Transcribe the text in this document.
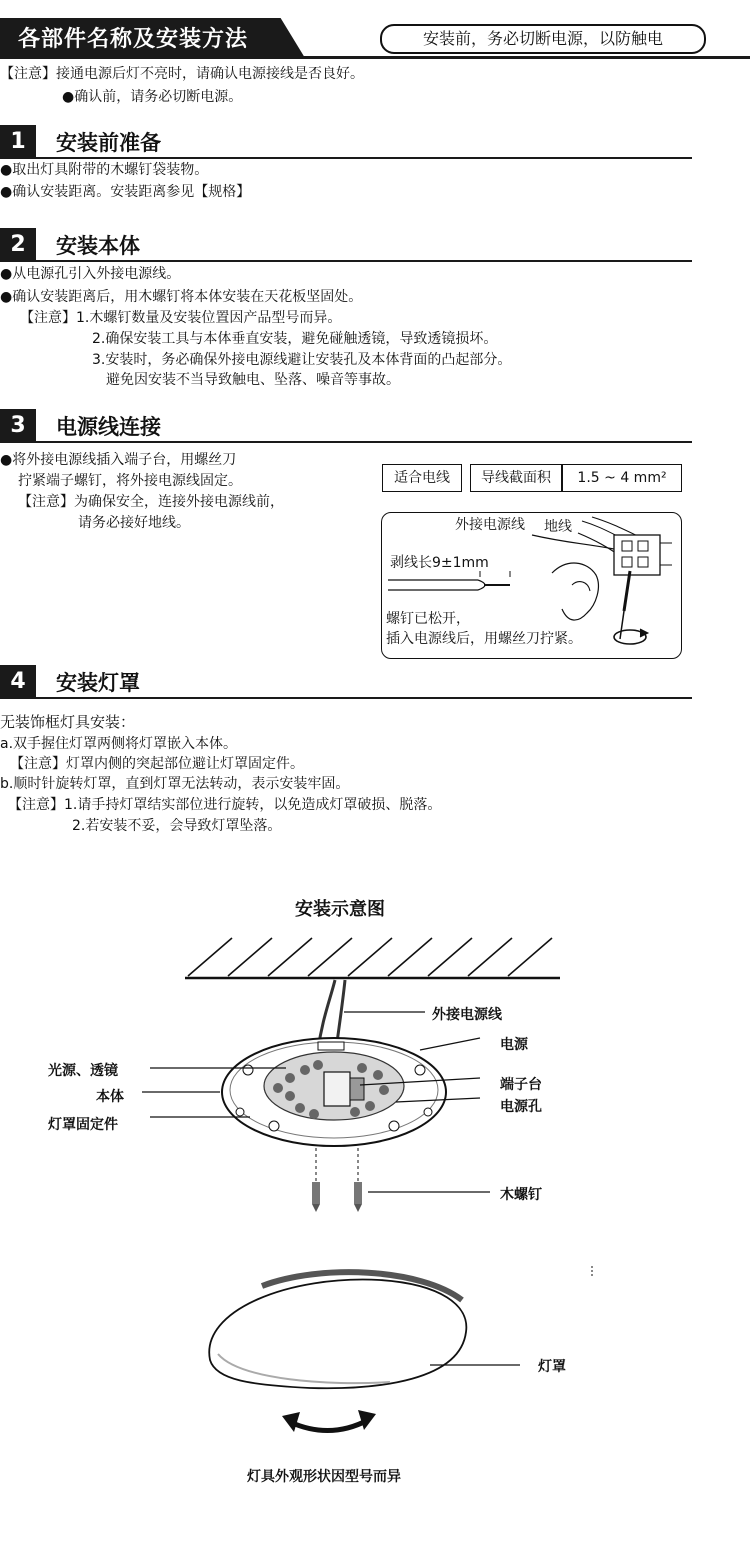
各部件名称及安装方法	安装前，务必切断电源，以防触电
【注意】接通电源后灯不亮时，请确认电源接线是否良好。
●确认前，请务必切断电源。
1	安装前准备
●取出灯具附带的木螺钉袋装物。
●确认安装距离。安装距离参见【规格】
2	安装本体
●从电源孔引入外接电源线。
●确认安装距离后，用木螺钉将本体安装在天花板坚固处。
【注意】1.木螺钉数量及安装位置因产品型号而异。
2.确保安装工具与本体垂直安装，避免碰触透镜，导致透镜损坏。
3.安装时，务必确保外接电源线避让安装孔及本体背面的凸起部分。
避免因安装不当导致触电、坠落、噪音等事故。
3	电源线连接
●将外接电源线插入端子台，用螺丝刀
拧紧端子螺钉，将外接电源线固定。
【注意】为确保安全，连接外接电源线前，
请务必接好地线。
适合电线	导线截面积	1.5 ~ 4 mm²
外接电源线 地线
剥线长9±1mm
螺钉已松开，
插入电源线后，用螺丝刀拧紧。
4	安装灯罩
无装饰框灯具安装：
a.双手握住灯罩两侧将灯罩嵌入本体。
【注意】灯罩内侧的突起部位避让灯罩固定件。
b.顺时针旋转灯罩，直到灯罩无法转动，表示安装牢固。
【注意】1.请手持灯罩结实部位进行旋转，以免造成灯罩破损、脱落。
2.若安装不妥，会导致灯罩坠落。
安装示意图
外接电源线
电源
光源、透镜
端子台
本体
电源孔
灯罩固定件
木螺钉
灯罩
灯具外观形状因型号而异
